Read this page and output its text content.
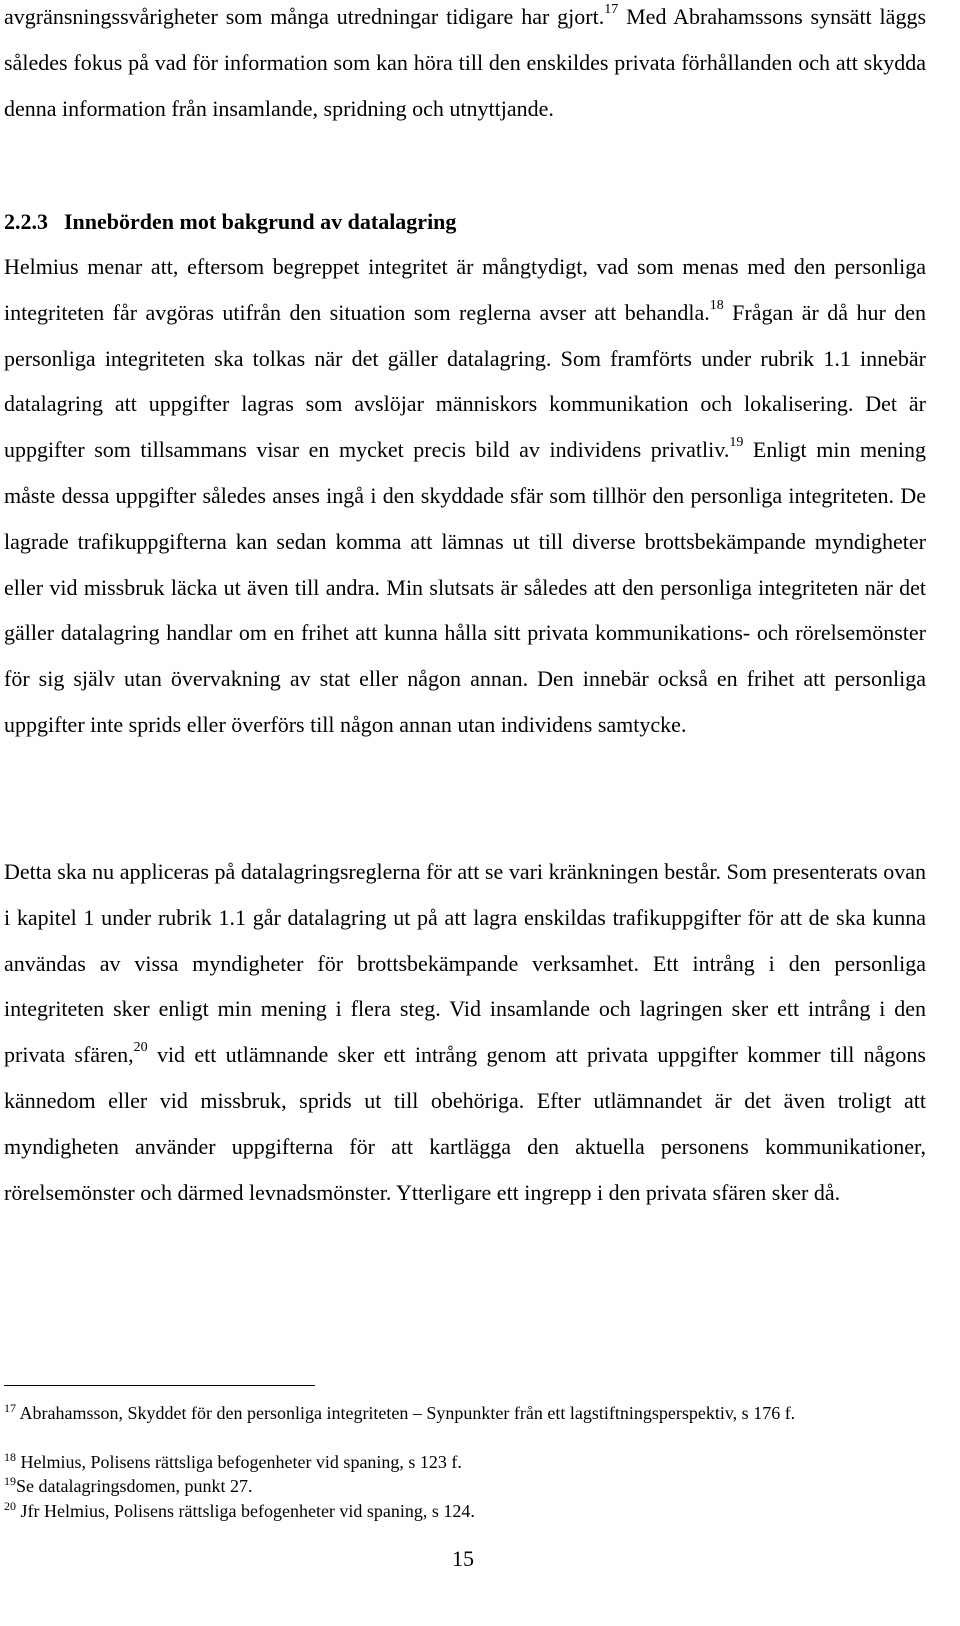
avgränsningssvårigheter som många utredningar tidigare har gjort.$^{17}$ Med Abrahamssons synsätt läggs således fokus på vad för information som kan höra till den enskildes privata förhållanden och att skydda denna information från insamlande, spridning och utnyttjande.

2.2.3 Innebörden mot bakgrund av datalagring

Helmius menar att, eftersom begreppet integritet är mångtydigt, vad som menas med den personliga integriteten får avgöras utifrån den situation som reglerna avser att behandla.$^{18}$ Frågan är då hur den personliga integriteten ska tolkas när det gäller datalagring. Som framförts under rubrik 1.1 innebär datalagring att uppgifter lagras som avslöjar människors kommunikation och lokalisering. Det är uppgifter som tillsammans visar en mycket precis bild av individens privatliv.$^{19}$ Enligt min mening måste dessa uppgifter således anses ingå i den skyddade sfär som tillhör den personliga integriteten. De lagrade trafikuppgifterna kan sedan komma att lämnas ut till diverse brottsbekämpande myndigheter eller vid missbruk läcka ut även till andra. Min slutsats är således att den personliga integriteten när det gäller datalagring handlar om en frihet att kunna hålla sitt privata kommunikations- och rörelsemönster för sig själv utan övervakning av stat eller någon annan. Den innebär också en frihet att personliga uppgifter inte sprids eller överförs till någon annan utan individens samtycke.

Detta ska nu appliceras på datalagringsreglerna för att se vari kränkningen består. Som presenterats ovan i kapitel 1 under rubrik 1.1 går datalagring ut på att lagra enskildas trafikuppgifter för att de ska kunna användas av vissa myndigheter för brottsbekämpande verksamhet. Ett intrång i den personliga integriteten sker enligt min mening i flera steg. Vid insamlande och lagringen sker ett intrång i den privata sfären,$^{20}$ vid ett utlämnande sker ett intrång genom att privata uppgifter kommer till någons kännedom eller vid missbruk, sprids ut till obehöriga. Efter utlämnandet är det även troligt att myndigheten använder uppgifterna för att kartlägga den aktuella personens kommunikationer, rörelsemönster och därmed levnadsmönster. Ytterligare ett ingrepp i den privata sfären sker då.

$^{17}$ Abrahamsson, Skyddet för den personliga integriteten – Synpunkter från ett lagstiftningsperspektiv, s 176 f.

$^{18}$ Helmius, Polisens rättsliga befogenheter vid spaning, s 123 f.

$^{19}$Se datalagringsdomen, punkt 27.

$^{20}$ Jfr Helmius, Polisens rättsliga befogenheter vid spaning, s 124.

15
